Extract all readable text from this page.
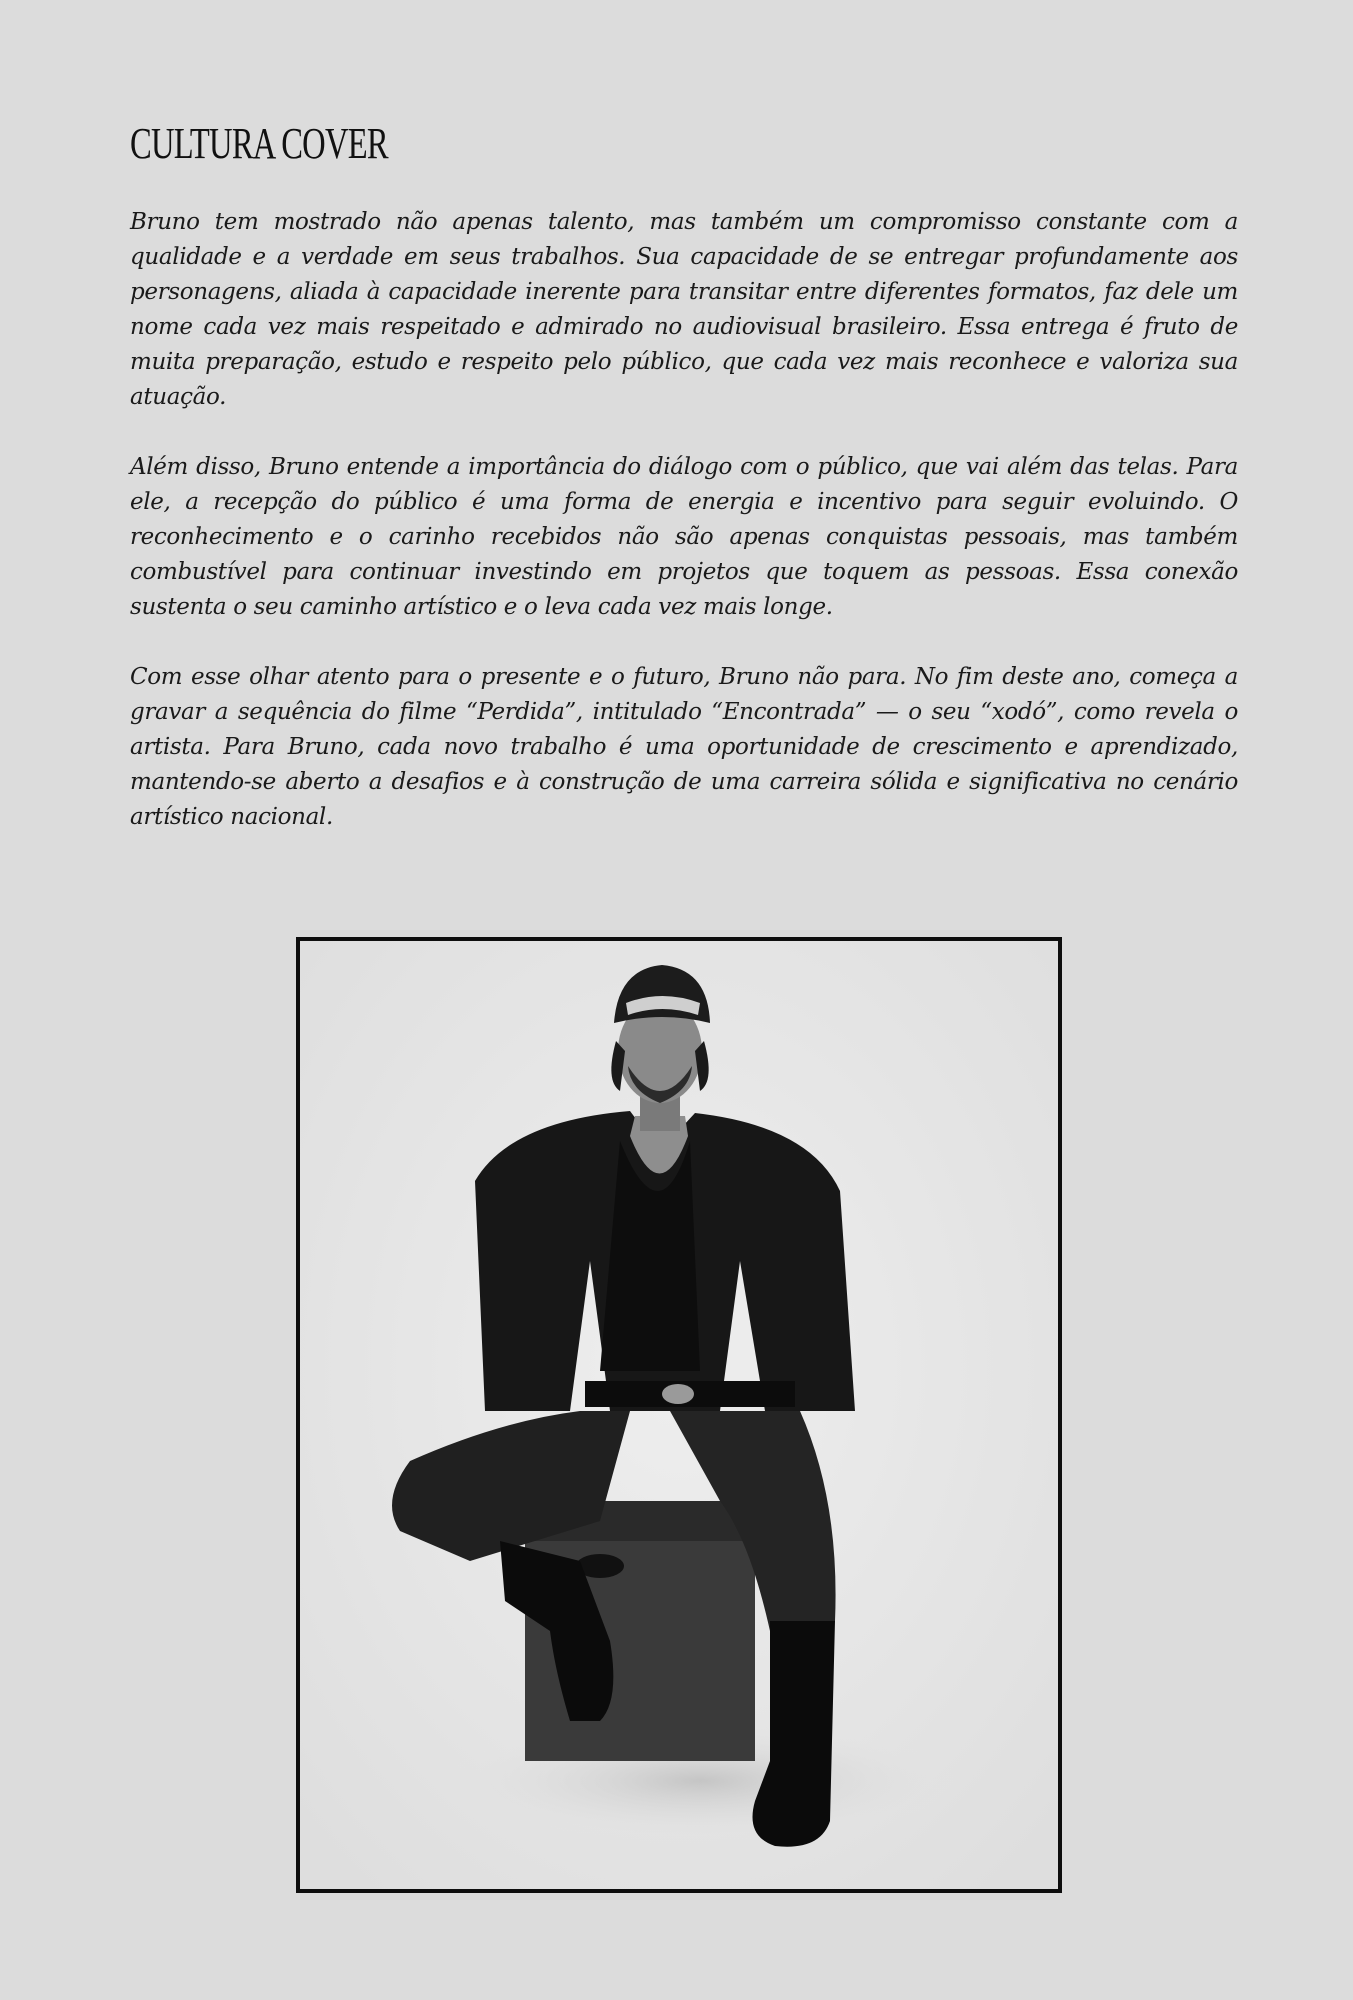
CULTURA COVER

Bruno tem mostrado não apenas talento, mas também um compromisso constante com a qualidade e a verdade em seus trabalhos. Sua capacidade de se entregar profundamente aos personagens, aliada à capacidade inerente para transitar entre diferentes formatos, faz dele um nome cada vez mais respeitado e admirado no audiovisual brasileiro. Essa entrega é fruto de muita preparação, estudo e respeito pelo público, que cada vez mais reconhece e valoriza sua atuação.

Além disso, Bruno entende a importância do diálogo com o público, que vai além das telas. Para ele, a recepção do público é uma forma de energia e incentivo para seguir evoluindo. O reconhecimento e o carinho recebidos não são apenas conquistas pessoais, mas também combustível para continuar investindo em projetos que toquem as pessoas. Essa conexão sustenta o seu caminho artístico e o leva cada vez mais longe.

Com esse olhar atento para o presente e o futuro, Bruno não para. No fim deste ano, começa a gravar a sequência do filme “Perdida”, intitulado “Encontrada” — o seu “xodó”, como revela o artista. Para Bruno, cada novo trabalho é uma oportunidade de crescimento e aprendizado, mantendo-se aberto a desafios e à construção de uma carreira sólida e significativa no cenário artístico nacional.
